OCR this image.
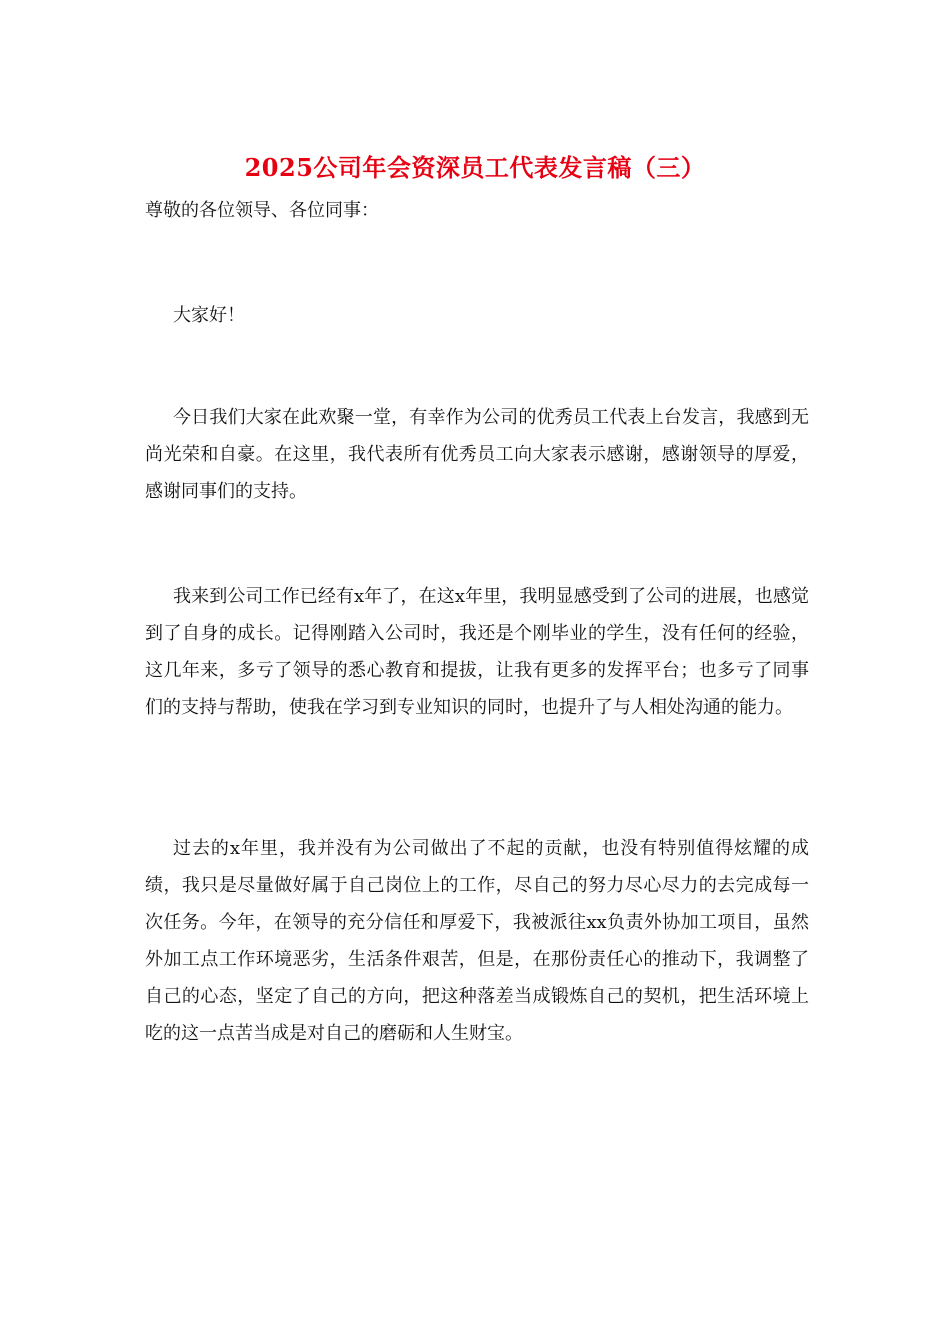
2025公司年会资深员工代表发言稿（三）

尊敬的各位领导、各位同事：

大家好！

今日我们大家在此欢聚一堂，有幸作为公司的优秀员工代表上台发言，我感到无尚光荣和自豪。在这里，我代表所有优秀员工向大家表示感谢，感谢领导的厚爱，感谢同事们的支持。

我来到公司工作已经有x年了，在这x年里，我明显感受到了公司的进展，也感觉到了自身的成长。记得刚踏入公司时，我还是个刚毕业的学生，没有任何的经验，这几年来，多亏了领导的悉心教育和提拔，让我有更多的发挥平台；也多亏了同事们的支持与帮助，使我在学习到专业知识的同时，也提升了与人相处沟通的能力。

过去的x年里，我并没有为公司做出了不起的贡献，也没有特别值得炫耀的成绩，我只是尽量做好属于自己岗位上的工作，尽自己的努力尽心尽力的去完成每一次任务。今年，在领导的充分信任和厚爱下，我被派往xx负责外协加工项目，虽然外加工点工作环境恶劣，生活条件艰苦，但是，在那份责任心的推动下，我调整了自己的心态，坚定了自己的方向，把这种落差当成锻炼自己的契机，把生活环境上吃的这一点苦当成是对自己的磨砺和人生财宝。
